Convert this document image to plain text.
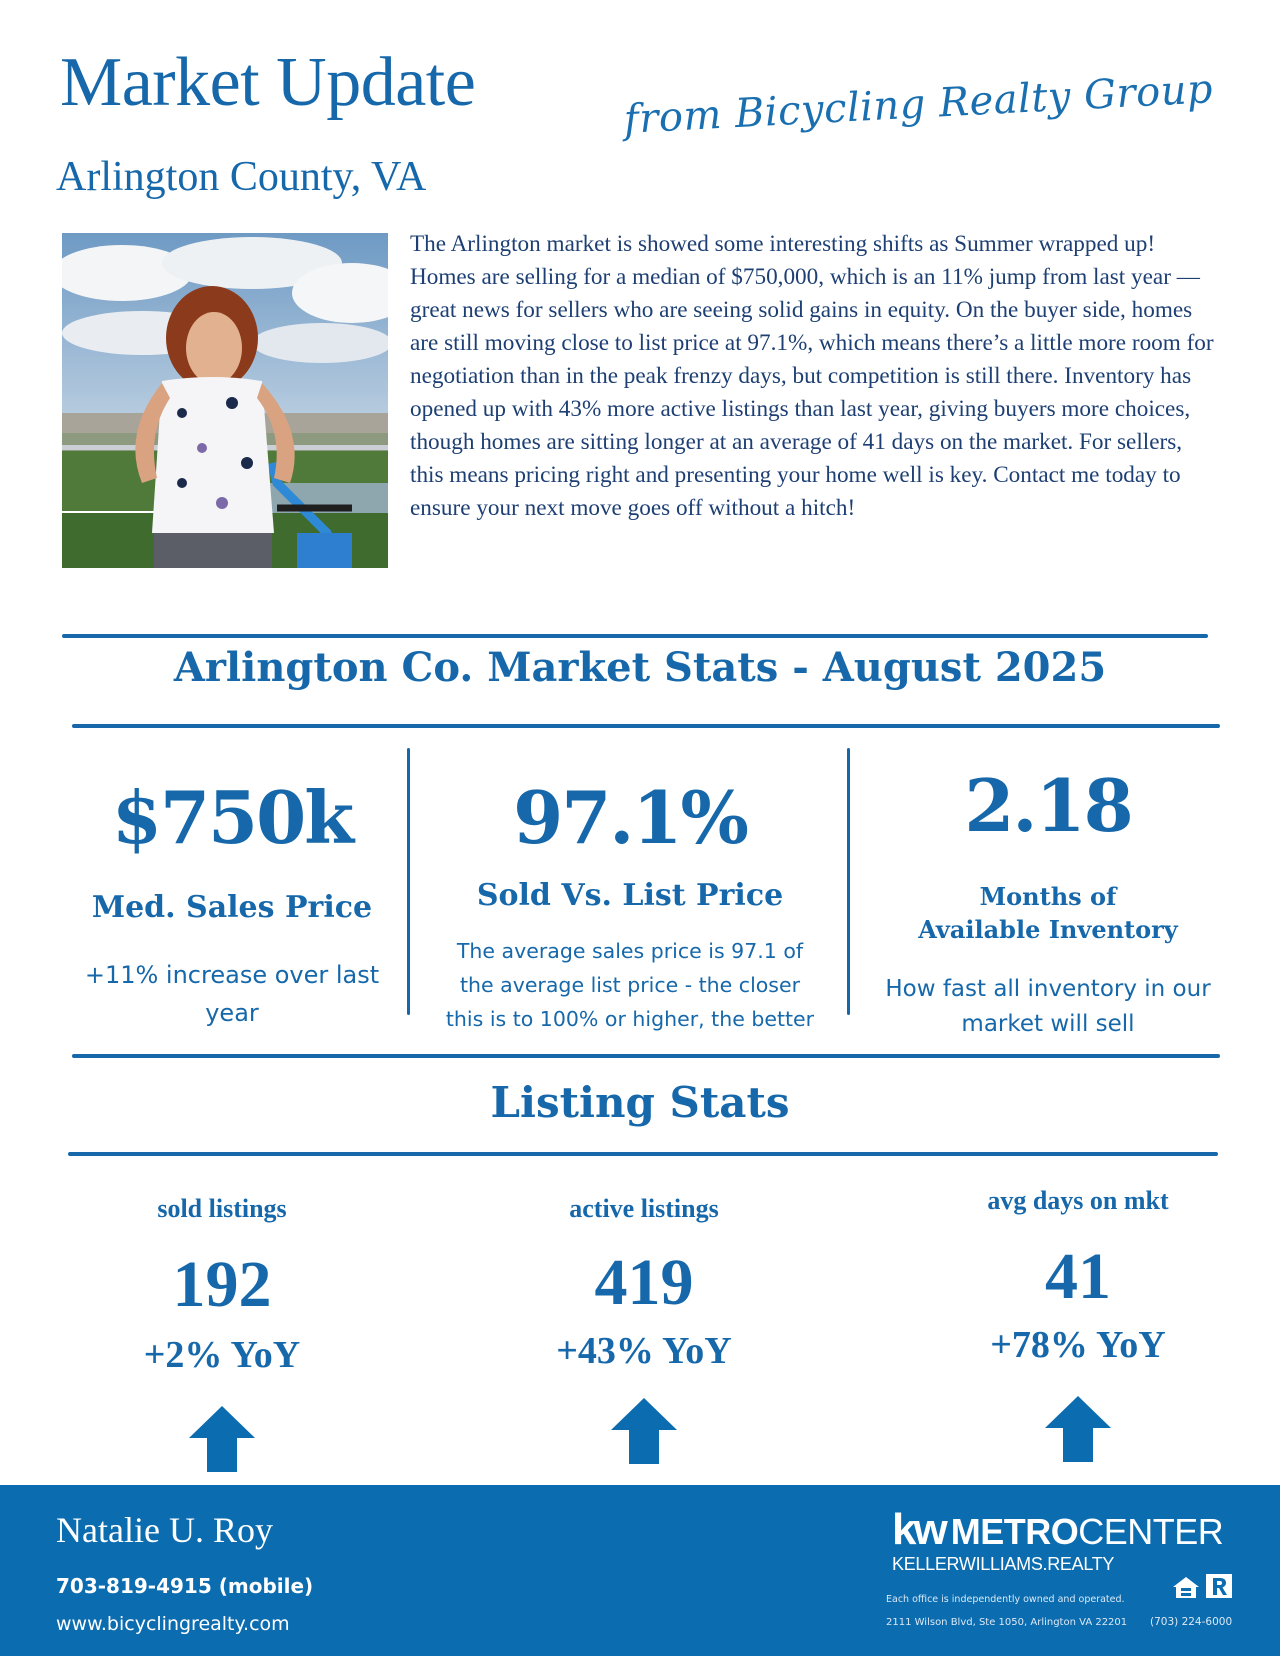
Market Update
Arlington County, VA
from Bicycling Realty Group
The Arlington market is showed some interesting shifts as Summer wrapped up! Homes are selling for a median of $750,000, which is an 11% jump from last year — great news for sellers who are seeing solid gains in equity. On the buyer side, homes are still moving close to list price at 97.1%, which means there’s a little more room for negotiation than in the peak frenzy days, but competition is still there. Inventory has opened up with 43% more active listings than last year, giving buyers more choices, though homes are sitting longer at an average of 41 days on the market. For sellers, this means pricing right and presenting your home well is key. Contact me today to ensure your next move goes off without a hitch!
Arlington Co. Market Stats - August 2025
$750k
Med. Sales Price
+11% increase over last year
97.1%
Sold Vs. List Price
The average sales price is 97.1 of the average list price - the closer this is to 100% or higher, the better
2.18
Months of Available Inventory
How fast all inventory in our market will sell
Listing Stats
sold listings
192
+2% YoY
active listings
419
+43% YoY
avg days on mkt
41
+78% YoY
Natalie U. Roy
703-819-4915 (mobile)
www.bicyclingrealty.com
kw METROCENTER
KELLERWILLIAMS.REALTY
Each office is independently owned and operated.
2111 Wilson Blvd, Ste 1050, Arlington VA 22201 (703) 224-6000
